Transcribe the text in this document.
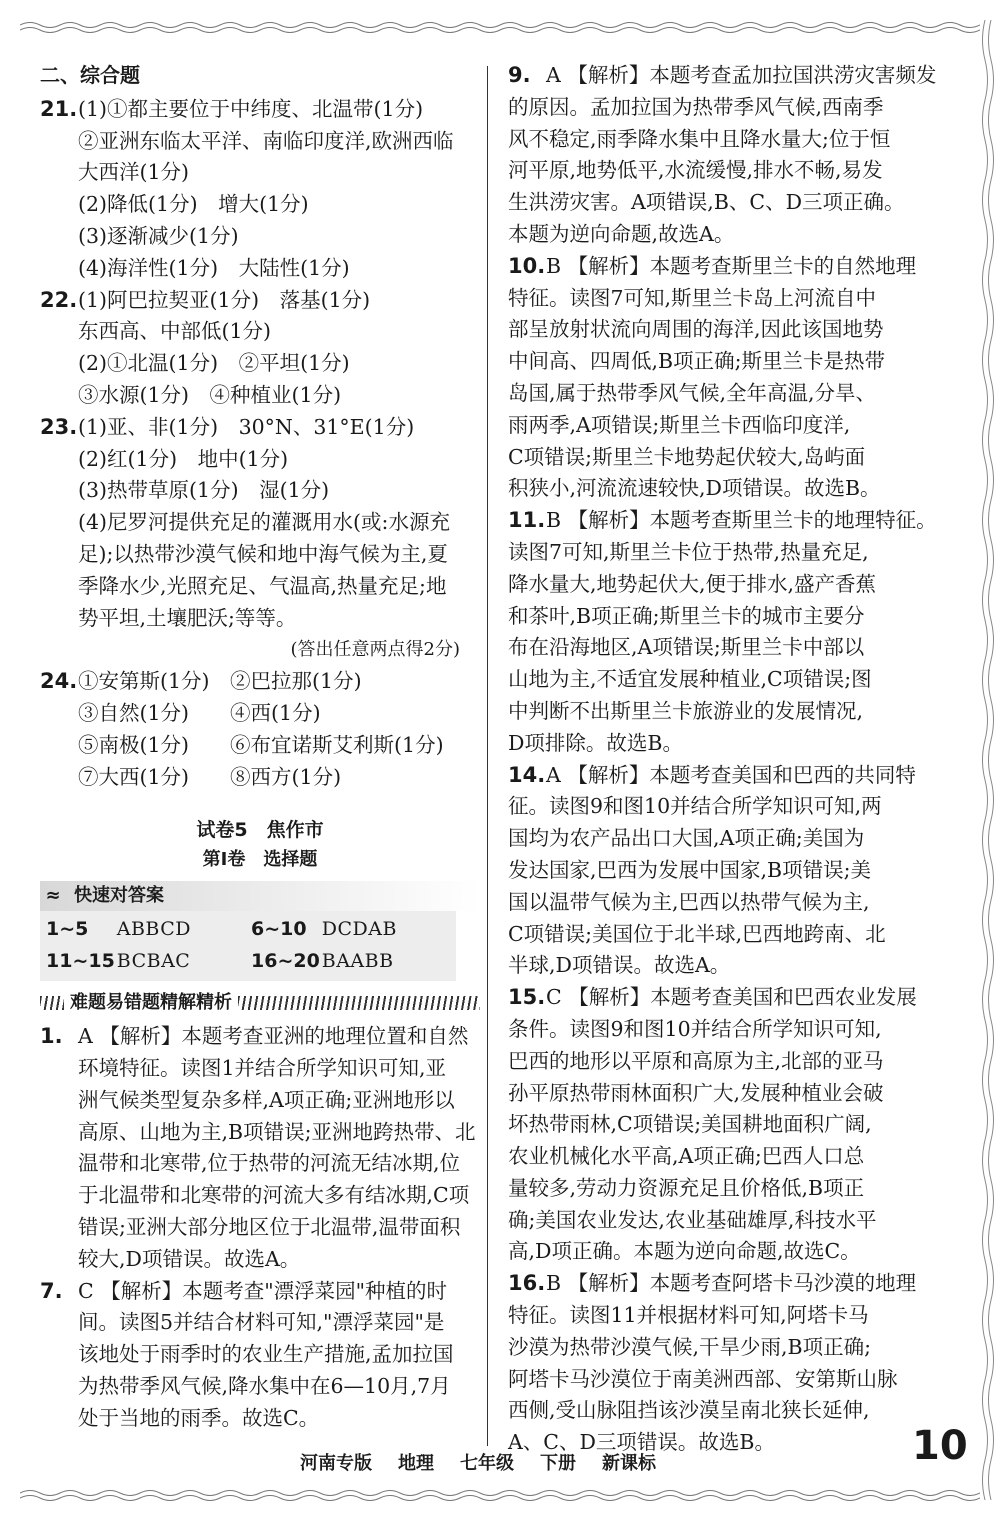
二、综合题
21. (1)①都主要位于中纬度、北温带(1分)
②亚洲东临太平洋、南临印度洋,欧洲西临
大西洋(1分)
(2)降低(1分)　增大(1分)
(3)逐渐减少(1分)
(4)海洋性(1分)　大陆性(1分)
22. (1)阿巴拉契亚(1分)　落基(1分)
东西高、中部低(1分)
(2)①北温(1分)　②平坦(1分)
③水源(1分)　④种植业(1分)
23. (1)亚、非(1分)　30°N、31°E(1分)
(2)红(1分)　地中(1分)
(3)热带草原(1分)　湿(1分)
(4)尼罗河提供充足的灌溉用水(或:水源充
足);以热带沙漠气候和地中海气候为主,夏
季降水少,光照充足、气温高,热量充足;地
势平坦,土壤肥沃;等等。
(答出任意两点得2分)
24. ①安第斯(1分)　②巴拉那(1分)
③自然(1分)　　④西(1分)
⑤南极(1分)　　⑥布宜诺斯艾利斯(1分)
⑦大西(1分)　　⑧西方(1分)
试卷5　焦作市
第Ⅰ卷　选择题
≈ 快速对答案
1~5	ABBCD	6~10 DCDAB
11~15 BCBAC	16~20 BAABB
难题易错题精解精析
1. A 【解析】本题考查亚洲的地理位置和自然
环境特征。读图1并结合所学知识可知,亚
洲气候类型复杂多样,A项正确;亚洲地形以
高原、山地为主,B项错误;亚洲地跨热带、北
温带和北寒带,位于热带的河流无结冰期,位
于北温带和北寒带的河流大多有结冰期,C项
错误;亚洲大部分地区位于北温带,温带面积
较大,D项错误。故选A。
7. C 【解析】本题考查"漂浮菜园"种植的时
间。读图5并结合材料可知,"漂浮菜园"是
该地处于雨季时的农业生产措施,孟加拉国
为热带季风气候,降水集中在6—10月,7月
处于当地的雨季。故选C。
9. A 【解析】本题考查孟加拉国洪涝灾害频发
的原因。孟加拉国为热带季风气候,西南季
风不稳定,雨季降水集中且降水量大;位于恒
河平原,地势低平,水流缓慢,排水不畅,易发
生洪涝灾害。A项错误,B、C、D三项正确。
本题为逆向命题,故选A。
10. B 【解析】本题考查斯里兰卡的自然地理
特征。读图7可知,斯里兰卡岛上河流自中
部呈放射状流向周围的海洋,因此该国地势
中间高、四周低,B项正确;斯里兰卡是热带
岛国,属于热带季风气候,全年高温,分旱、
雨两季,A项错误;斯里兰卡西临印度洋,
C项错误;斯里兰卡地势起伏较大,岛屿面
积狭小,河流流速较快,D项错误。故选B。
11. B 【解析】本题考查斯里兰卡的地理特征。
读图7可知,斯里兰卡位于热带,热量充足,
降水量大,地势起伏大,便于排水,盛产香蕉
和茶叶,B项正确;斯里兰卡的城市主要分
布在沿海地区,A项错误;斯里兰卡中部以
山地为主,不适宜发展种植业,C项错误;图
中判断不出斯里兰卡旅游业的发展情况,
D项排除。故选B。
14. A 【解析】本题考查美国和巴西的共同特
征。读图9和图10并结合所学知识可知,两
国均为农产品出口大国,A项正确;美国为
发达国家,巴西为发展中国家,B项错误;美
国以温带气候为主,巴西以热带气候为主,
C项错误;美国位于北半球,巴西地跨南、北
半球,D项错误。故选A。
15. C 【解析】本题考查美国和巴西农业发展
条件。读图9和图10并结合所学知识可知,
巴西的地形以平原和高原为主,北部的亚马
孙平原热带雨林面积广大,发展种植业会破
坏热带雨林,C项错误;美国耕地面积广阔,
农业机械化水平高,A项正确;巴西人口总
量较多,劳动力资源充足且价格低,B项正
确;美国农业发达,农业基础雄厚,科技水平
高,D项正确。本题为逆向命题,故选C。
16. B 【解析】本题考查阿塔卡马沙漠的地理
特征。读图11并根据材料可知,阿塔卡马
沙漠为热带沙漠气候,干旱少雨,B项正确;
阿塔卡马沙漠位于南美洲西部、安第斯山脉
西侧,受山脉阻挡该沙漠呈南北狭长延伸,
A、C、D三项错误。故选B。	10
河南专版 地理 七年级 下册 新课标
